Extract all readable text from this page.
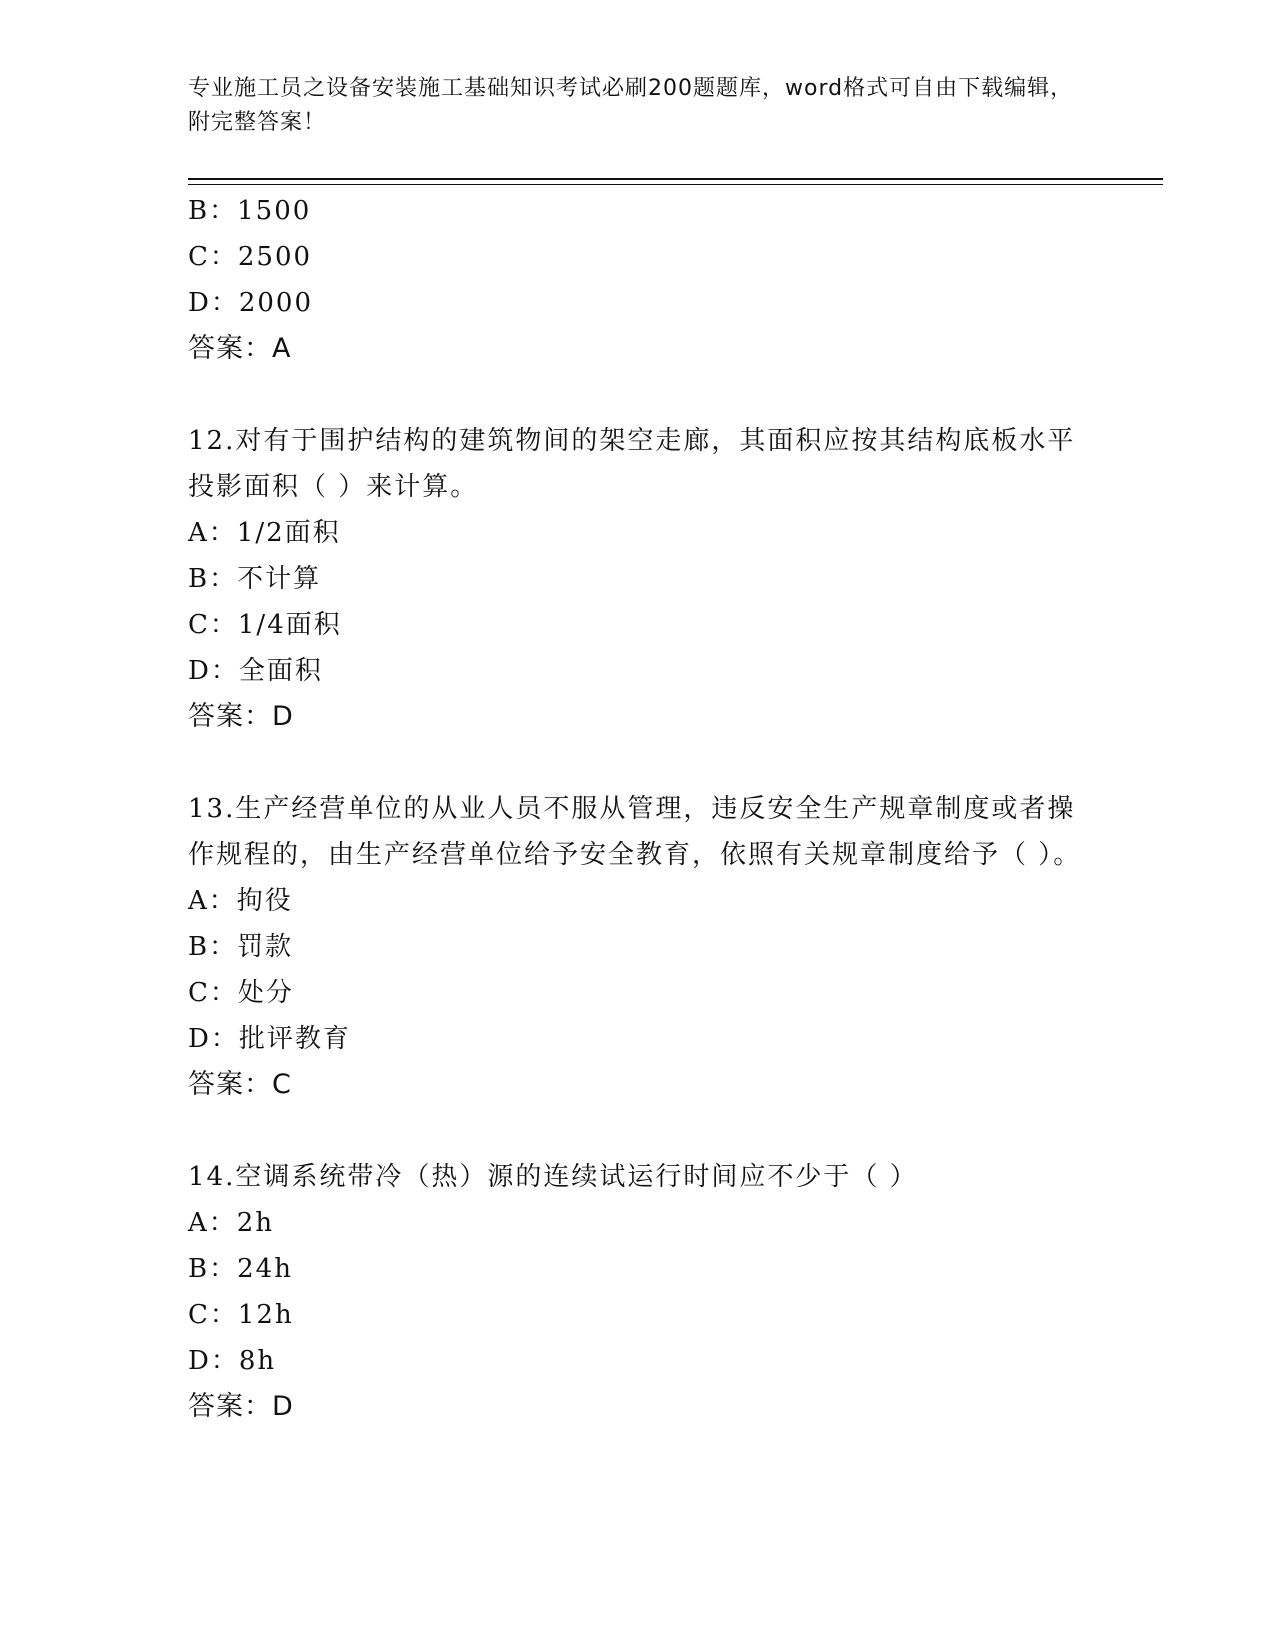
专业施工员之设备安装施工基础知识考试必刷200题题库，word格式可自由下载编辑，附完整答案！
B：1500
C：2500
D：2000
答案：A
12.对有于围护结构的建筑物间的架空走廊，其面积应按其结构底板水平投影面积（ ）来计算。
A：1/2面积
B：不计算
C：1/4面积
D：全面积
答案：D
13.生产经营单位的从业人员不服从管理，违反安全生产规章制度或者操作规程的，由生产经营单位给予安全教育，依照有关规章制度给予（ ）。
A：拘役
B：罚款
C：处分
D：批评教育
答案：C
14.空调系统带冷（热）源的连续试运行时间应不少于（ ）
A：2h
B：24h
C：12h
D：8h
答案：D
